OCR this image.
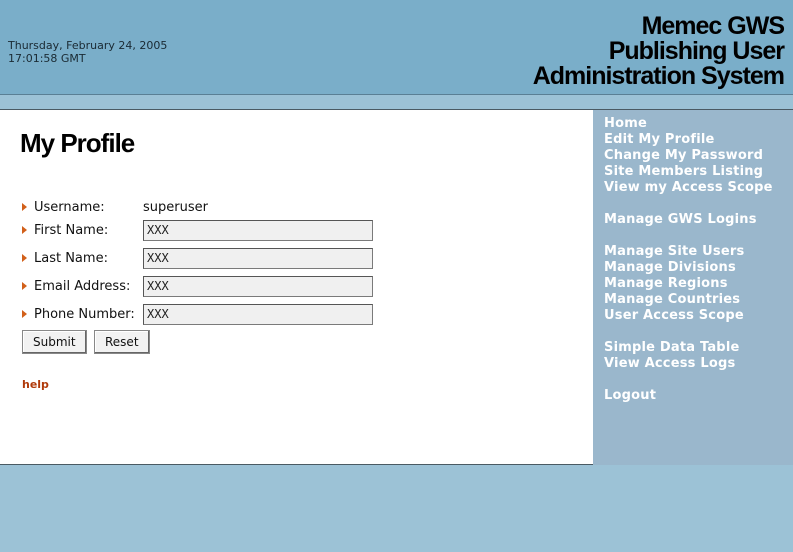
Thursday, February 24, 2005
17:01:58 GMT
Memec GWS
Publishing User
Administration System
My Profile
Username:	superuser
First Name:
XXX
Last Name:
XXX
Email Address:
XXX
Phone Number:
XXX
Submit	Reset
help
Home
Edit My Profile
Change My Password
Site Members Listing
View my Access Scope
Manage GWS Logins
Manage Site Users
Manage Divisions
Manage Regions
Manage Countries
User Access Scope
Simple Data Table
View Access Logs
Logout
